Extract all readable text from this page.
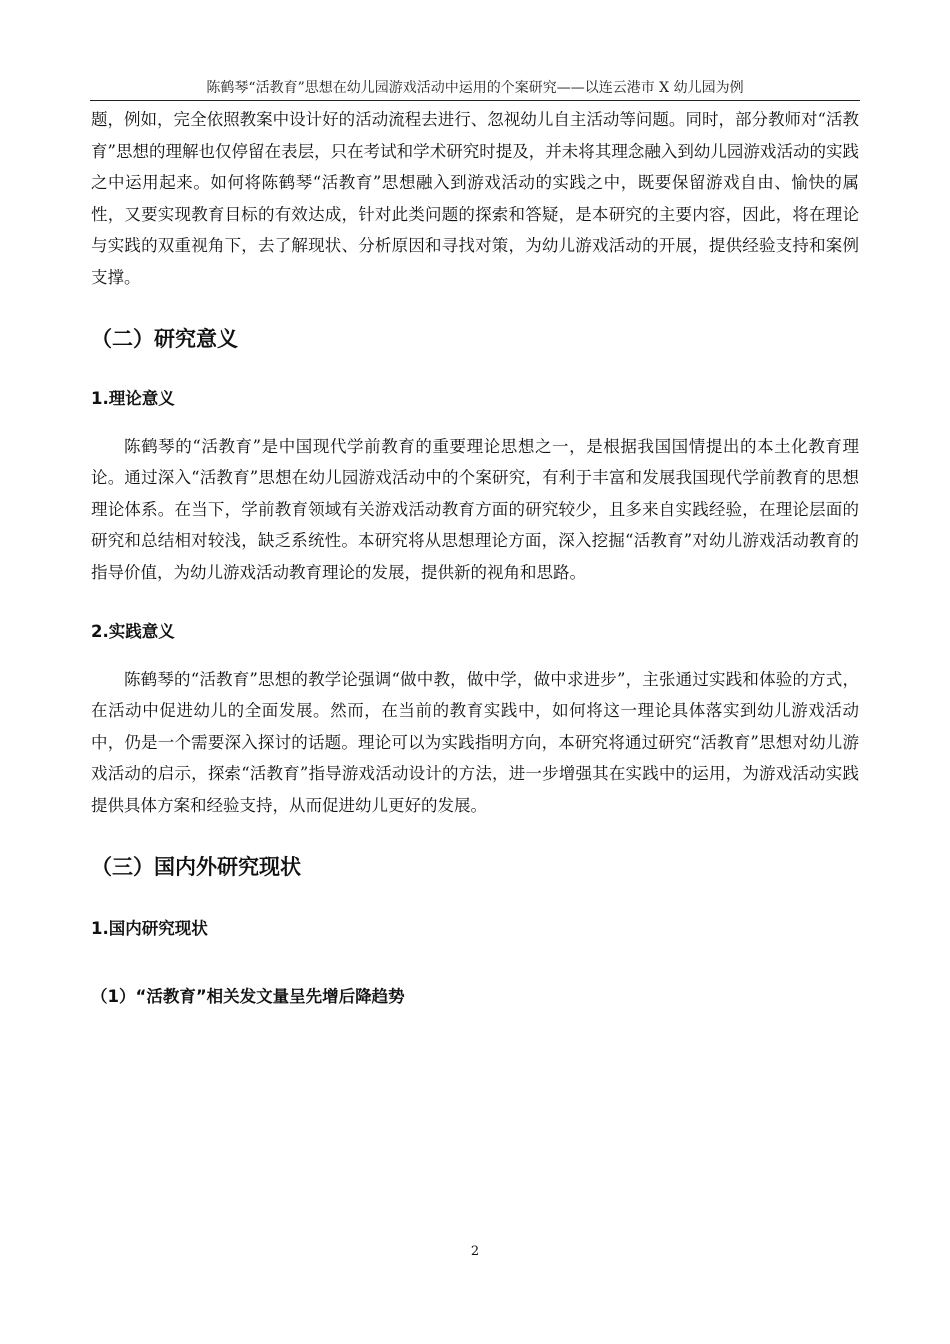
陈鹤琴“活教育”思想在幼儿园游戏活动中运用的个案研究——以连云港市 X 幼儿园为例

题，例如，完全依照教案中设计好的活动流程去进行、忽视幼儿自主活动等问题。同时，部分教师对“活教育”思想的理解也仅停留在表层，只在考试和学术研究时提及，并未将其理念融入到幼儿园游戏活动的实践之中运用起来。如何将陈鹤琴“活教育”思想融入到游戏活动的实践之中，既要保留游戏自由、愉快的属性，又要实现教育目标的有效达成，针对此类问题的探索和答疑，是本研究的主要内容，因此，将在理论与实践的双重视角下，去了解现状、分析原因和寻找对策，为幼儿游戏活动的开展，提供经验支持和案例支撑。

（二）研究意义
1.理论意义

陈鹤琴的“活教育”是中国现代学前教育的重要理论思想之一，是根据我国国情提出的本土化教育理论。通过深入“活教育”思想在幼儿园游戏活动中的个案研究，有利于丰富和发展我国现代学前教育的思想理论体系。在当下，学前教育领域有关游戏活动教育方面的研究较少，且多来自实践经验，在理论层面的研究和总结相对较浅，缺乏系统性。本研究将从思想理论方面，深入挖掘“活教育”对幼儿游戏活动教育的指导价值，为幼儿游戏活动教育理论的发展，提供新的视角和思路。

2.实践意义

陈鹤琴的“活教育”思想的教学论强调“做中教，做中学，做中求进步”，主张通过实践和体验的方式，在活动中促进幼儿的全面发展。然而，在当前的教育实践中，如何将这一理论具体落实到幼儿游戏活动中，仍是一个需要深入探讨的话题。理论可以为实践指明方向，本研究将通过研究“活教育”思想对幼儿游戏活动的启示，探索“活教育”指导游戏活动设计的方法，进一步增强其在实践中的运用，为游戏活动实践提供具体方案和经验支持，从而促进幼儿更好的发展。

（三）国内外研究现状
1.国内研究现状
（1）“活教育”相关发文量呈先增后降趋势
2
